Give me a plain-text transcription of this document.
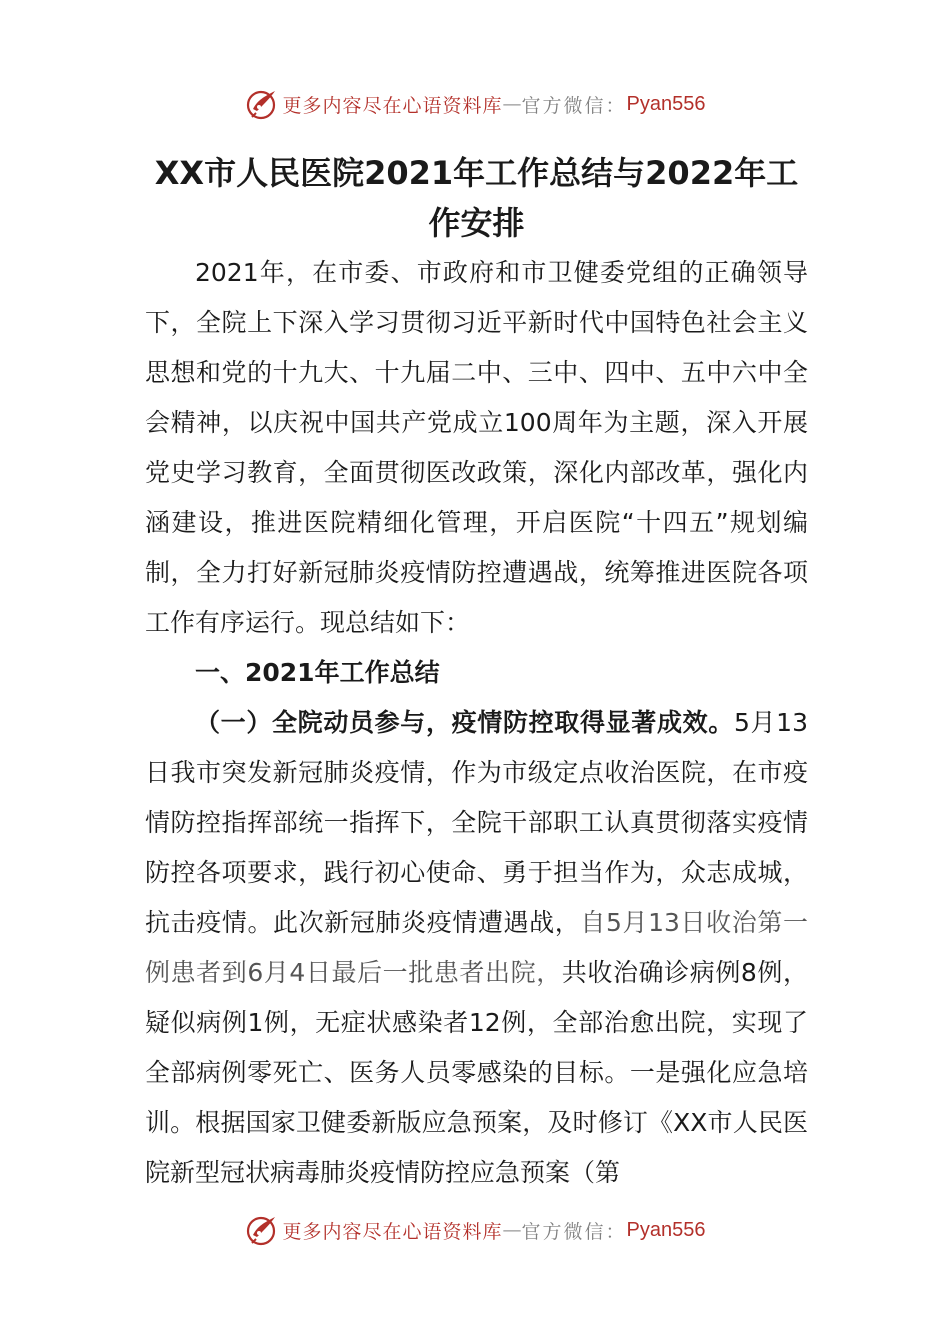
更多内容尽在心语资料库 — 官方微信： Pyan556
XX市人民医院2021年工作总结与2022年工作安排

2021年，在市委、市政府和市卫健委党组的正确领导下，全院上下深入学习贯彻习近平新时代中国特色社会主义思想和党的十九大、十九届二中、三中、四中、五中六中全会精神，以庆祝中国共产党成立100周年为主题，深入开展党史学习教育，全面贯彻医改政策，深化内部改革，强化内涵建设，推进医院精细化管理，开启医院“十四五”规划编制，全力打好新冠肺炎疫情防控遭遇战，统筹推进医院各项工作有序运行。现总结如下：

一、2021年工作总结

（一）全院动员参与，疫情防控取得显著成效。5月13日我市突发新冠肺炎疫情，作为市级定点收治医院，在市疫情防控指挥部统一指挥下，全院干部职工认真贯彻落实疫情防控各项要求，践行初心使命、勇于担当作为，众志成城，抗击疫情。此次新冠肺炎疫情遭遇战，自5月13日收治第一例患者到6月4日最后一批患者出院，共收治确诊病例8例，疑似病例1例，无症状感染者12例，全部治愈出院，实现了全部病例零死亡、医务人员零感染的目标。一是强化应急培训。根据国家卫健委新版应急预案，及时修订《XX市人民医院新型冠状病毒肺炎疫情防控应急预案（第

更多内容尽在心语资料库 — 官方微信： Pyan556
